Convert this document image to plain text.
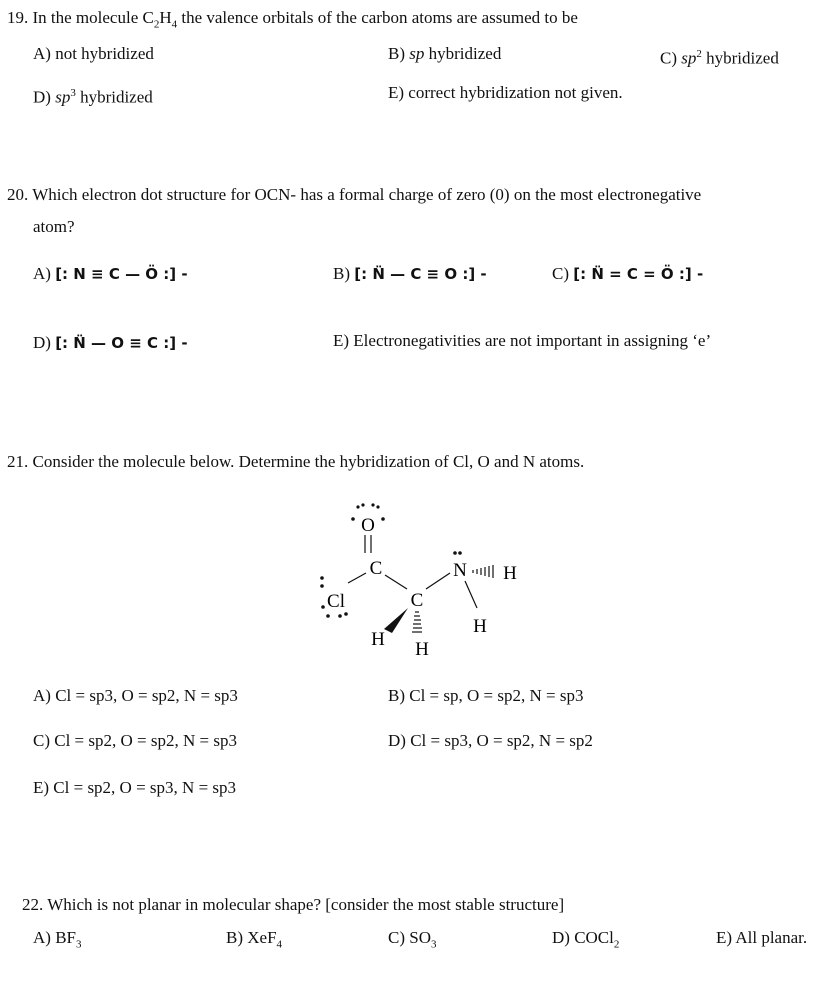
19. In the molecule $C_2H_4$ the valence orbitals of the carbon atoms are assumed to be
A) not hybridized	B) sp hybridized	C) $sp^2$ hybridized
D) $sp^3$ hybridized	E) correct hybridization not given.
20. Which electron dot structure for OCN- has a formal charge of zero (0) on the most electronegative
atom?
A) [: N ≡ C — Ö :] -	B) [: N̈ — C ≡ O :] -	C) [: N̈ = C = Ö :] -
D) [: N̈ — O ≡ C :] -	E) Electronegativities are not important in assigning ‘e’
21. Consider the molecule below. Determine the hybridization of Cl, O and N atoms.
O
C
Cl	C
N H
H
H H
A) Cl = sp3, O = sp2, N = sp3	B) Cl = sp, O = sp2, N = sp3
C) Cl = sp2, O = sp2, N = sp3	D) Cl = sp3, O = sp2, N = sp2
E) Cl = sp2, O = sp3, N = sp3
22. Which is not planar in molecular shape? [consider the most stable structure]
A) $BF_3$	B) XeF$_4$	C) $SO_3$	D) COCl$_2$	E) All planar.
